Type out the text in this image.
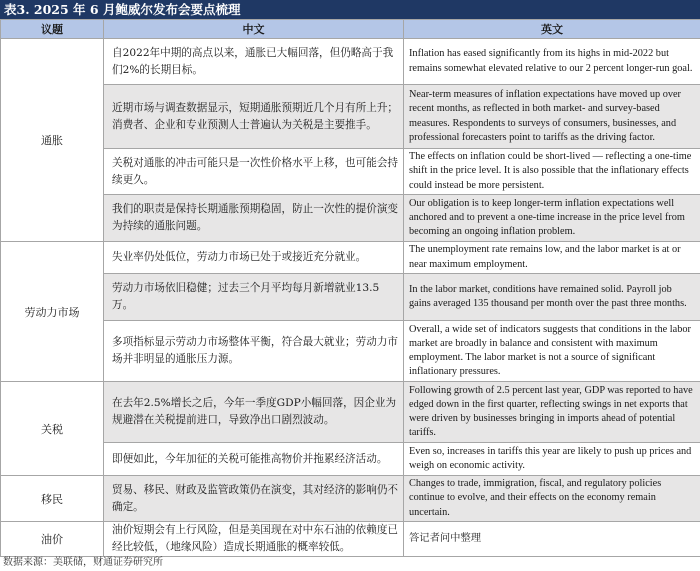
表3. 2025 年 6 月鲍威尔发布会要点梳理
议题	中文	英文
通胀	自2022年中期的高点以来，通胀已大幅回落，但仍略高于我们2%的长期目标。	Inflation has eased significantly from its highs in mid-2022 but remains somewhat elevated relative to our 2 percent longer-run goal.
	近期市场与调查数据显示，短期通胀预期近几个月有所上升；消费者、企业和专业预测人士普遍认为关税是主要推手。	Near-term measures of inflation expectations have moved up over recent months, as reflected in both market- and survey-based measures. Respondents to surveys of consumers, businesses, and professional forecasters point to tariffs as the driving factor.
	关税对通胀的冲击可能只是一次性价格水平上移，也可能会持续更久。	The effects on inflation could be short-lived — reflecting a one-time shift in the price level. It is also possible that the inflationary effects could instead be more persistent.
	我们的职责是保持长期通胀预期稳固，防止一次性的提价演变为持续的通胀问题。	Our obligation is to keep longer-term inflation expectations well anchored and to prevent a one-time increase in the price level from becoming an ongoing inflation problem.
劳动力市场	失业率仍处低位，劳动力市场已处于或接近充分就业。	The unemployment rate remains low, and the labor market is at or near maximum employment.
	劳动力市场依旧稳健；过去三个月平均每月新增就业13.5万。	In the labor market, conditions have remained solid. Payroll job gains averaged 135 thousand per month over the past three months.
	多项指标显示劳动力市场整体平衡，符合最大就业；劳动力市场并非明显的通胀压力源。	Overall, a wide set of indicators suggests that conditions in the labor market are broadly in balance and consistent with maximum employment. The labor market is not a source of significant inflationary pressures.
关税	在去年2.5%增长之后，今年一季度GDP小幅回落，因企业为规避潜在关税提前进口，导致净出口剧烈波动。	Following growth of 2.5 percent last year, GDP was reported to have edged down in the first quarter, reflecting swings in net exports that were driven by businesses bringing in imports ahead of potential tariffs.
	即便如此，今年加征的关税可能推高物价并拖累经济活动。	Even so, increases in tariffs this year are likely to push up prices and weigh on economic activity.
移民	贸易、移民、财政及监管政策仍在演变，其对经济的影响仍不确定。	Changes to trade, immigration, fiscal, and regulatory policies continue to evolve, and their effects on the economy remain uncertain.
油价	油价短期会有上行风险，但是美国现在对中东石油的依赖度已经比较低，（地缘风险）造成长期通胀的概率较低。	答记者问中整理
数据来源：美联储，财通证券研究所
